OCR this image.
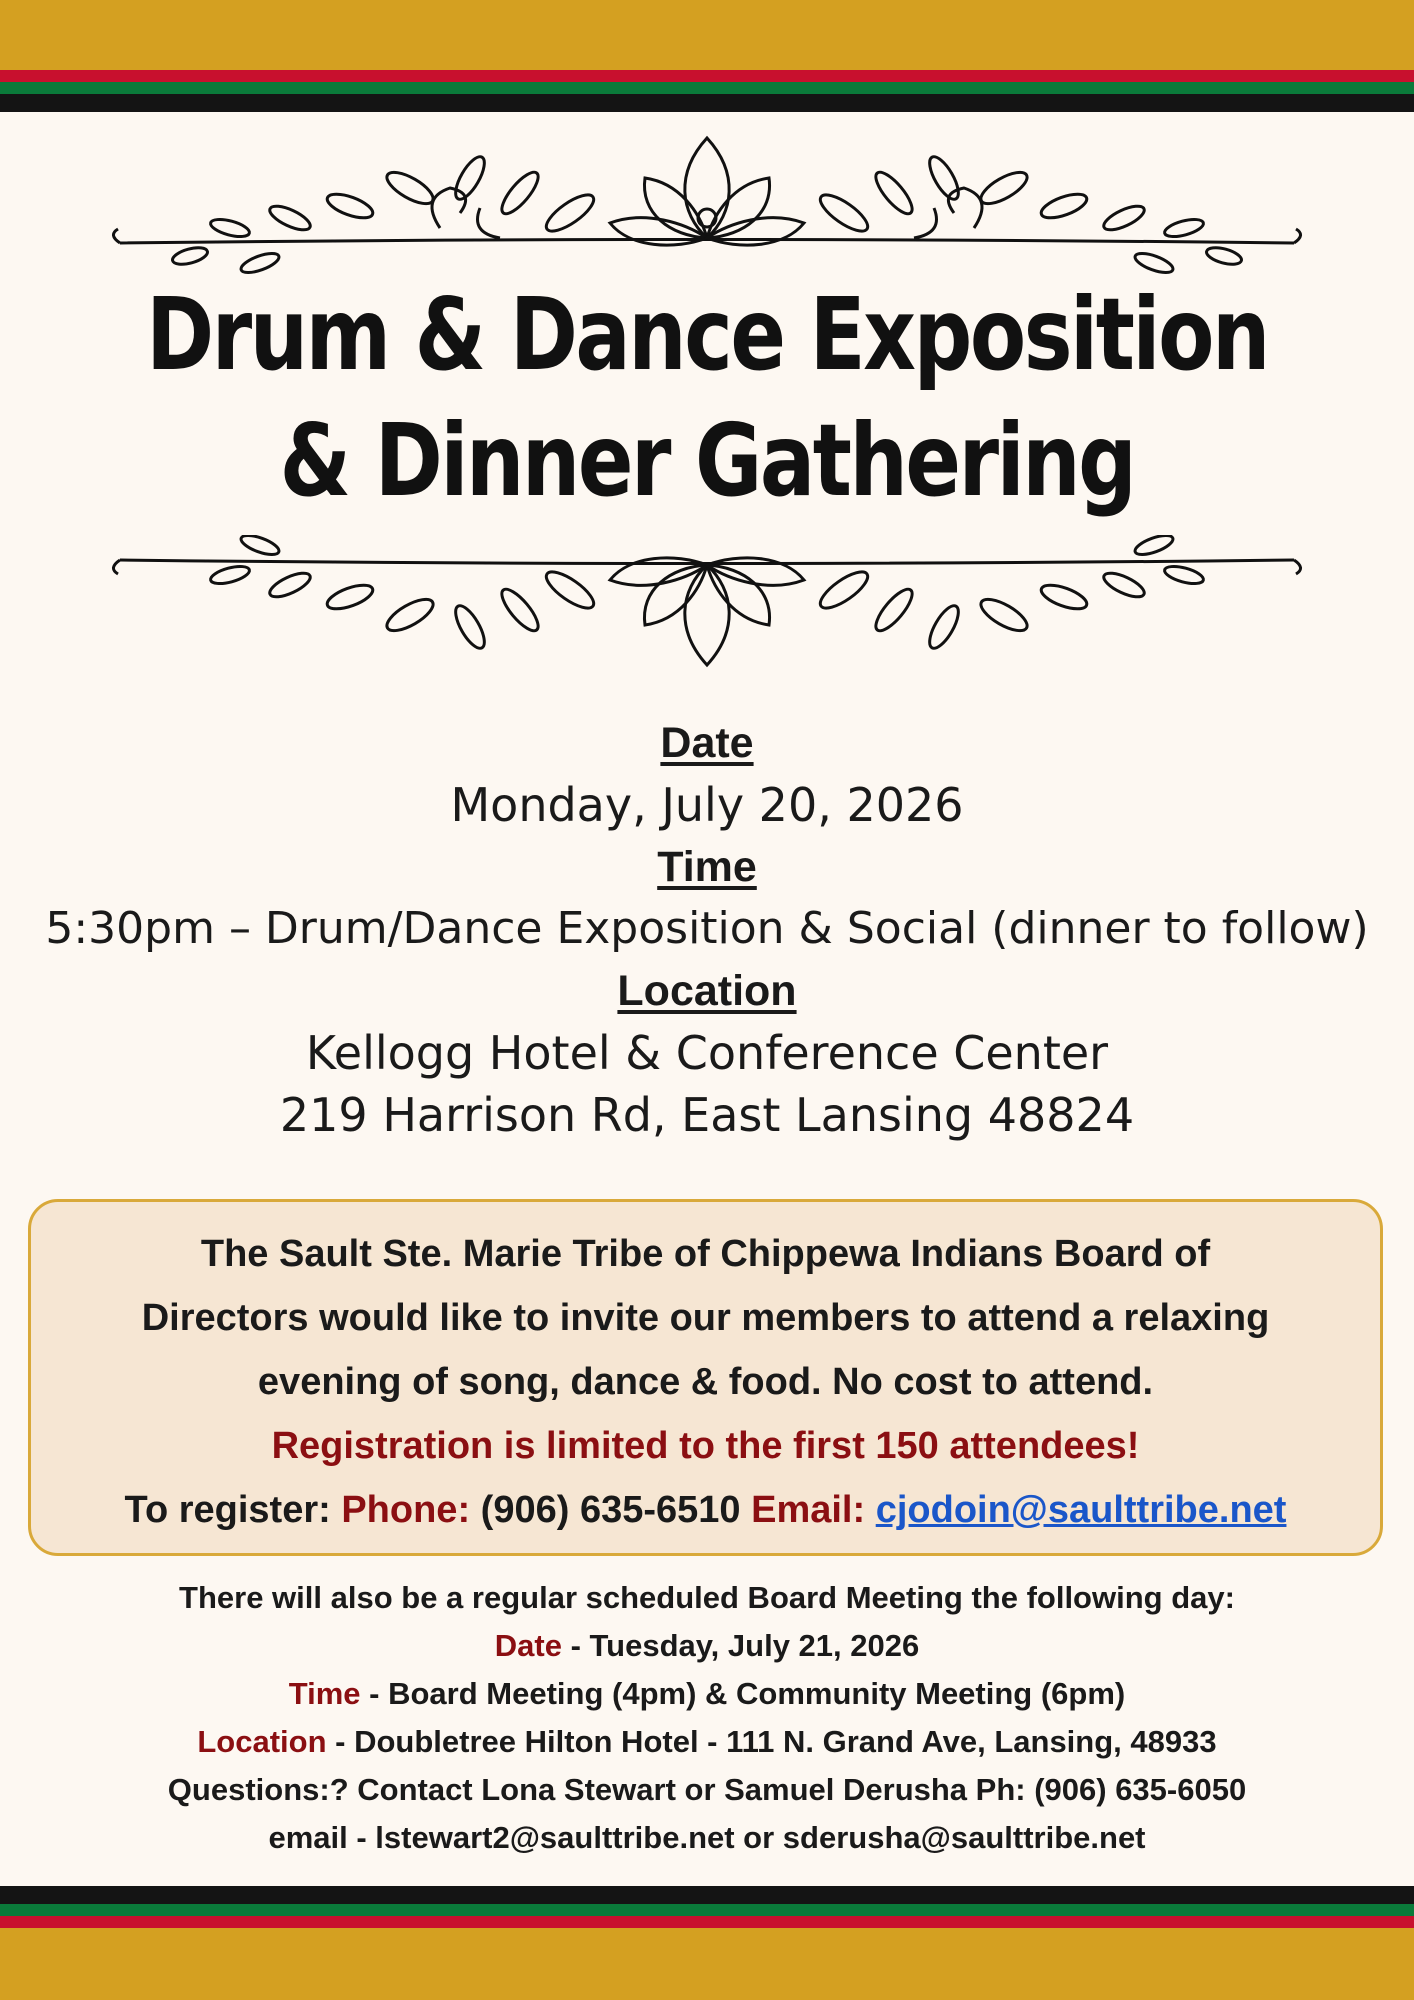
Drum & Dance Exposition
& Dinner Gathering
Date
Monday, July 20, 2026
Time
5:30pm – Drum/Dance Exposition & Social (dinner to follow)
Location
Kellogg Hotel & Conference Center
219 Harrison Rd, East Lansing 48824
The Sault Ste. Marie Tribe of Chippewa Indians Board of
Directors would like to invite our members to attend a relaxing
evening of song, dance & food. No cost to attend.
Registration is limited to the first 150 attendees!
To register: Phone: (906) 635-6510 Email: cjodoin@saulttribe.net
There will also be a regular scheduled Board Meeting the following day:
Date - Tuesday, July 21, 2026
Time - Board Meeting (4pm) & Community Meeting (6pm)
Location - Doubletree Hilton Hotel - 111 N. Grand Ave, Lansing, 48933
Questions:? Contact Lona Stewart or Samuel Derusha Ph: (906) 635-6050
email - lstewart2@saulttribe.net or sderusha@saulttribe.net
